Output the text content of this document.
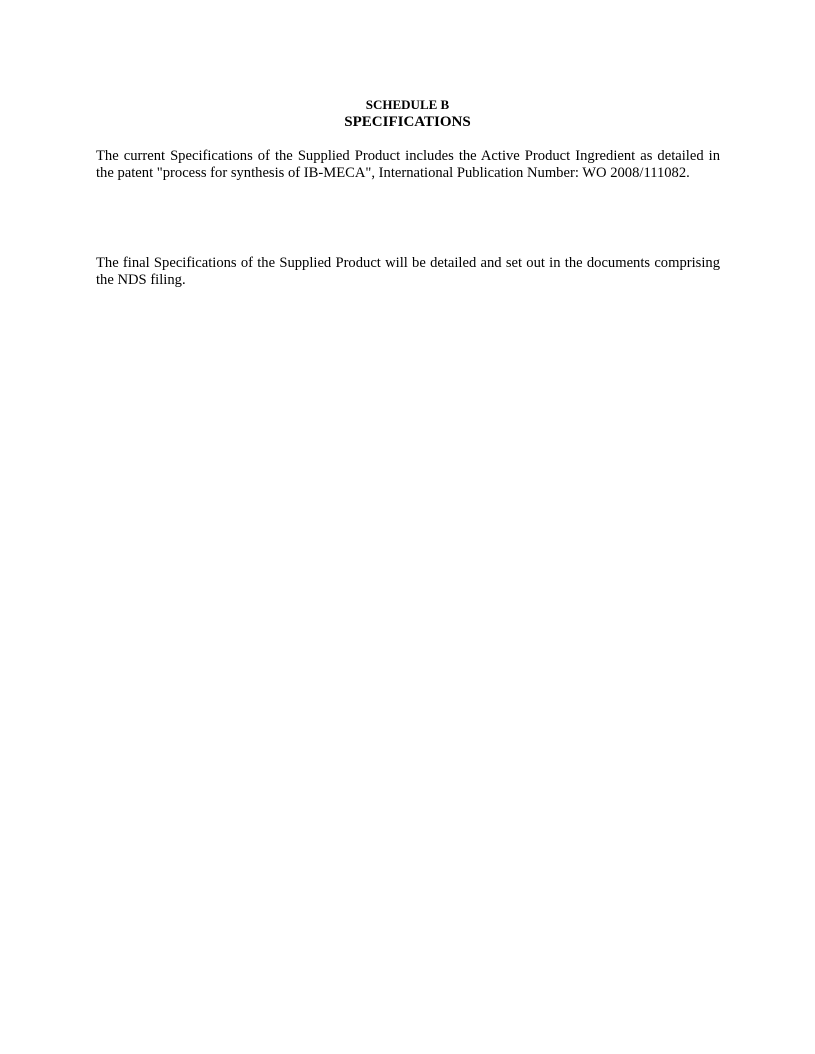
SCHEDULE B
SPECIFICATIONS

The current Specifications of the Supplied Product includes the Active Product Ingredient as detailed in the patent "process for synthesis of IB-MECA", International Publication Number: WO 2008/111082.

The final Specifications of the Supplied Product will be detailed and set out in the documents comprising the NDS filing.
